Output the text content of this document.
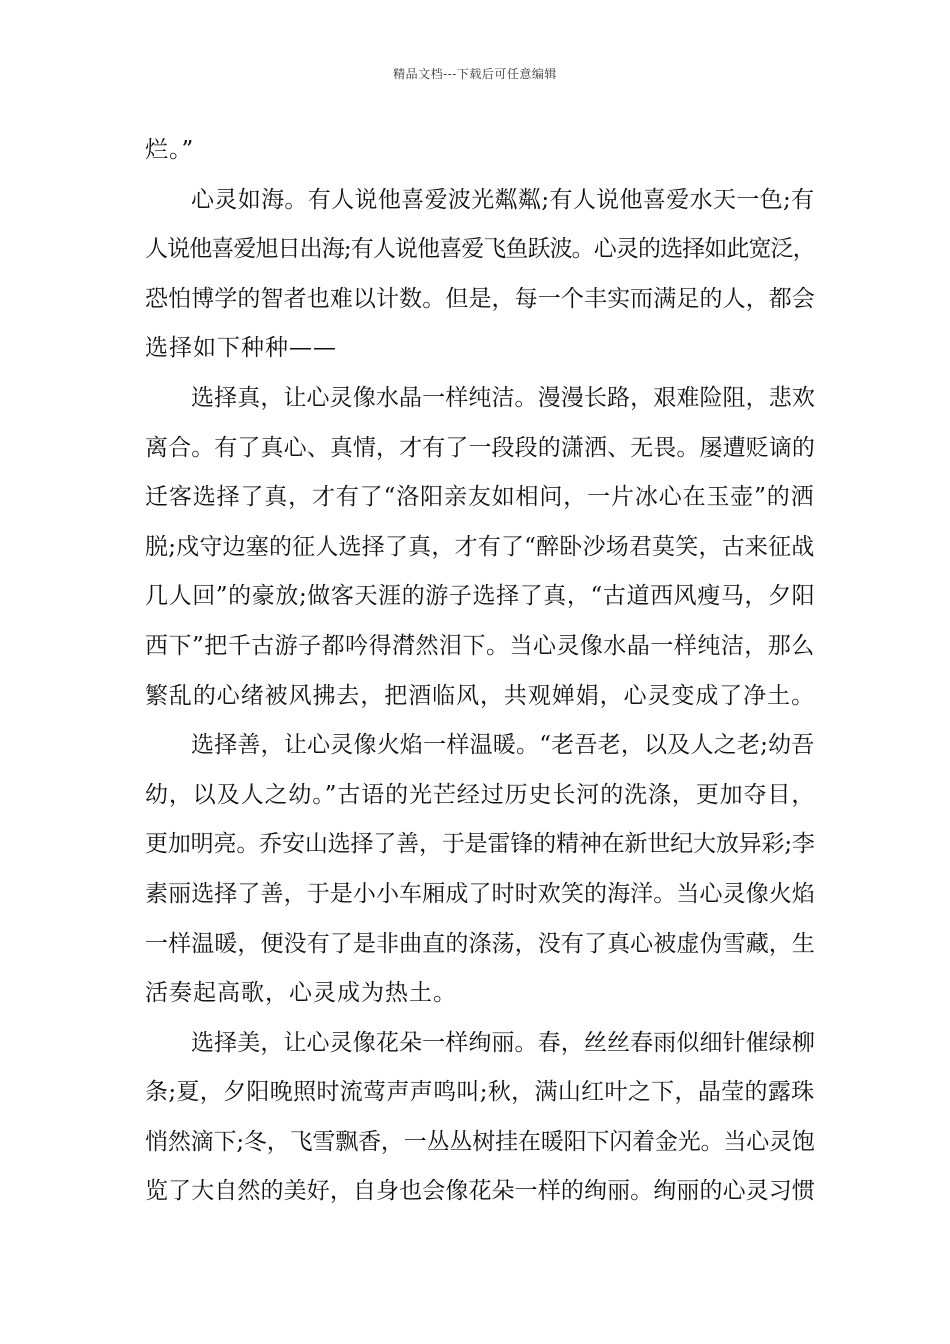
精品文档---下载后可任意编辑
烂。”
心灵如海。有人说他喜爱波光粼粼;有人说他喜爱水天一色;有
人说他喜爱旭日出海;有人说他喜爱飞鱼跃波。心灵的选择如此宽泛，
恐怕博学的智者也难以计数。但是，每一个丰实而满足的人，都会
选择如下种种——
选择真，让心灵像水晶一样纯洁。漫漫长路，艰难险阻，悲欢
离合。有了真心、真情，才有了一段段的潇洒、无畏。屡遭贬谪的
迁客选择了真，才有了“洛阳亲友如相问，一片冰心在玉壶”的洒
脱;戍守边塞的征人选择了真，才有了“醉卧沙场君莫笑，古来征战
几人回”的豪放;做客天涯的游子选择了真，“古道西风瘦马，夕阳
西下”把千古游子都吟得潸然泪下。当心灵像水晶一样纯洁，那么
繁乱的心绪被风拂去，把酒临风，共观婵娟，心灵变成了净土。
选择善，让心灵像火焰一样温暖。“老吾老，以及人之老;幼吾
幼，以及人之幼。”古语的光芒经过历史长河的洗涤，更加夺目，
更加明亮。乔安山选择了善，于是雷锋的精神在新世纪大放异彩;李
素丽选择了善，于是小小车厢成了时时欢笑的海洋。当心灵像火焰
一样温暖，便没有了是非曲直的涤荡，没有了真心被虚伪雪藏，生
活奏起高歌，心灵成为热土。
选择美，让心灵像花朵一样绚丽。春，丝丝春雨似细针催绿柳
条;夏，夕阳晚照时流莺声声鸣叫;秋，满山红叶之下，晶莹的露珠
悄然滴下;冬，飞雪飘香，一丛丛树挂在暖阳下闪着金光。当心灵饱
览了大自然的美好，自身也会像花朵一样的绚丽。绚丽的心灵习惯
